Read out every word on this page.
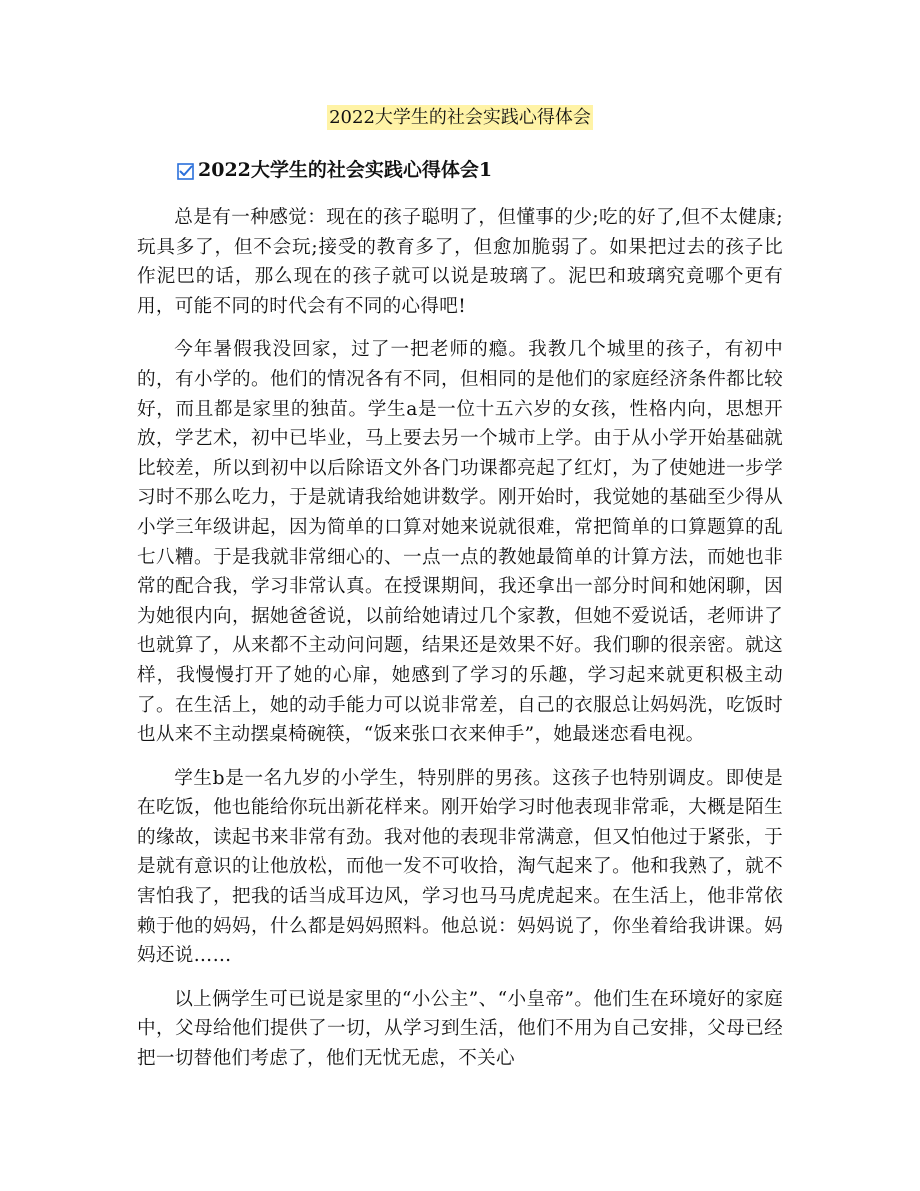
2022大学生的社会实践心得体会
2022大学生的社会实践心得体会1

总是有一种感觉：现在的孩子聪明了，但懂事的少;吃的好了,但不太健康;玩具多了，但不会玩;接受的教育多了，但愈加脆弱了。如果把过去的孩子比作泥巴的话，那么现在的孩子就可以说是玻璃了。泥巴和玻璃究竟哪个更有用，可能不同的时代会有不同的心得吧!

今年暑假我没回家，过了一把老师的瘾。我教几个城里的孩子，有初中的，有小学的。他们的情况各有不同，但相同的是他们的家庭经济条件都比较好，而且都是家里的独苗。学生a是一位十五六岁的女孩，性格内向，思想开放，学艺术，初中已毕业，马上要去另一个城市上学。由于从小学开始基础就比较差，所以到初中以后除语文外各门功课都亮起了红灯，为了使她进一步学习时不那么吃力，于是就请我给她讲数学。刚开始时，我觉她的基础至少得从小学三年级讲起，因为简单的口算对她来说就很难，常把简单的口算题算的乱七八糟。于是我就非常细心的、一点一点的教她最简单的计算方法，而她也非常的配合我，学习非常认真。在授课期间，我还拿出一部分时间和她闲聊，因为她很内向，据她爸爸说，以前给她请过几个家教，但她不爱说话，老师讲了也就算了，从来都不主动问问题，结果还是效果不好。我们聊的很亲密。就这样，我慢慢打开了她的心扉，她感到了学习的乐趣，学习起来就更积极主动了。在生活上，她的动手能力可以说非常差，自己的衣服总让妈妈洗，吃饭时也从来不主动摆桌椅碗筷，“饭来张口衣来伸手”，她最迷恋看电视。

学生b是一名九岁的小学生，特别胖的男孩。这孩子也特别调皮。即使是在吃饭，他也能给你玩出新花样来。刚开始学习时他表现非常乖，大概是陌生的缘故，读起书来非常有劲。我对他的表现非常满意，但又怕他过于紧张，于是就有意识的让他放松，而他一发不可收拾，淘气起来了。他和我熟了，就不害怕我了，把我的话当成耳边风，学习也马马虎虎起来。在生活上，他非常依赖于他的妈妈，什么都是妈妈照料。他总说：妈妈说了，你坐着给我讲课。妈妈还说……

以上俩学生可已说是家里的“小公主”、“小皇帝”。他们生在环境好的家庭中，父母给他们提供了一切，从学习到生活，他们不用为自己安排，父母已经把一切替他们考虑了，他们无忧无虑，不关心
